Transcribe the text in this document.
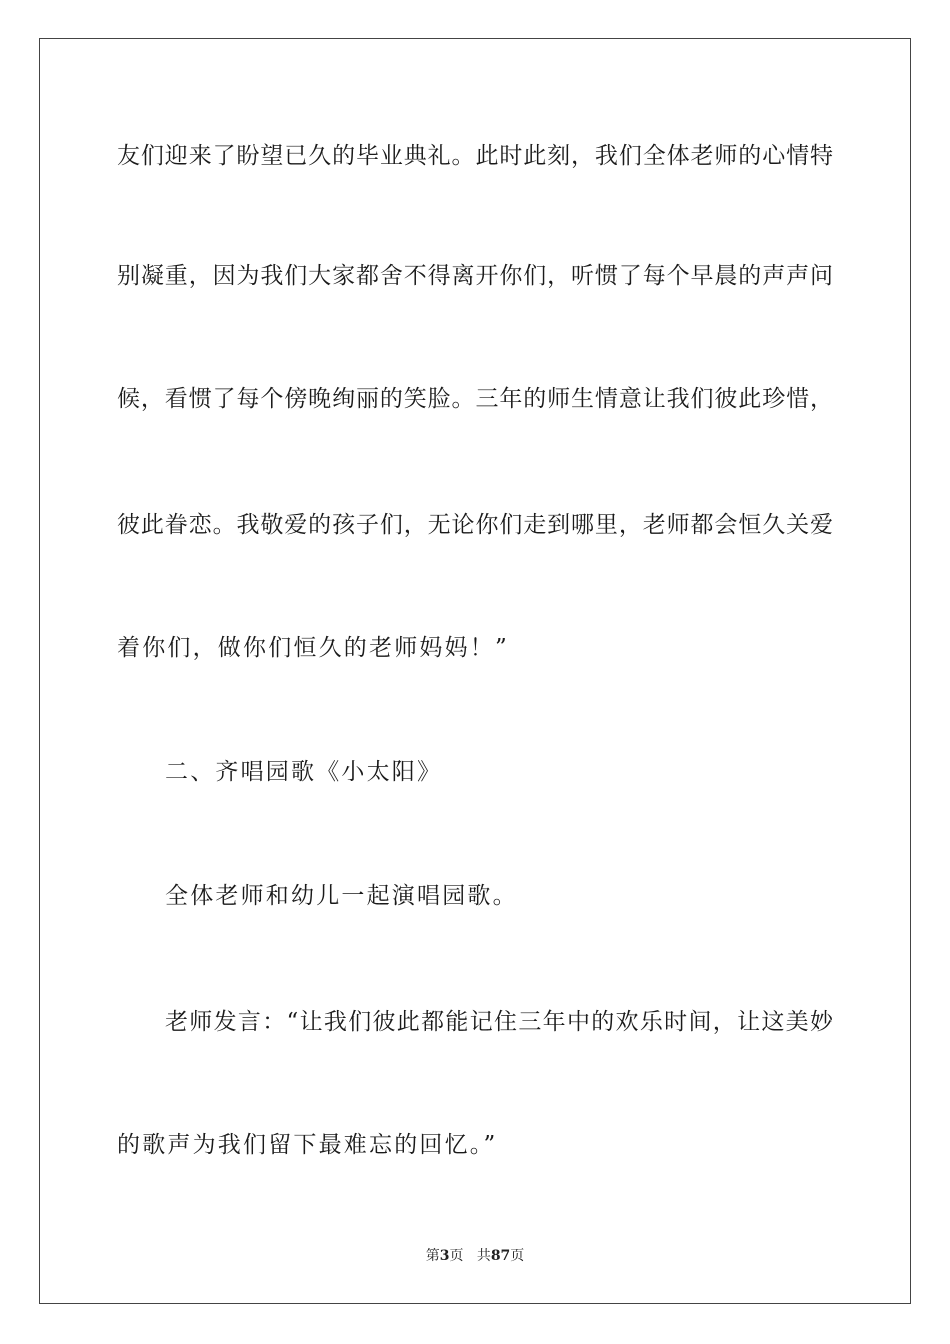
友们迎来了盼望已久的毕业典礼。此时此刻，我们全体老师的心情特
别凝重，因为我们大家都舍不得离开你们，听惯了每个早晨的声声问
候，看惯了每个傍晚绚丽的笑脸。三年的师生情意让我们彼此珍惜，
彼此眷恋。我敬爱的孩子们，无论你们走到哪里，老师都会恒久关爱
着你们，做你们恒久的老师妈妈！”
二、齐唱园歌《小太阳》
全体老师和幼儿一起演唱园歌。
老师发言：“让我们彼此都能记住三年中的欢乐时间，让这美妙
的歌声为我们留下最难忘的回忆。”
第3页 共87页
